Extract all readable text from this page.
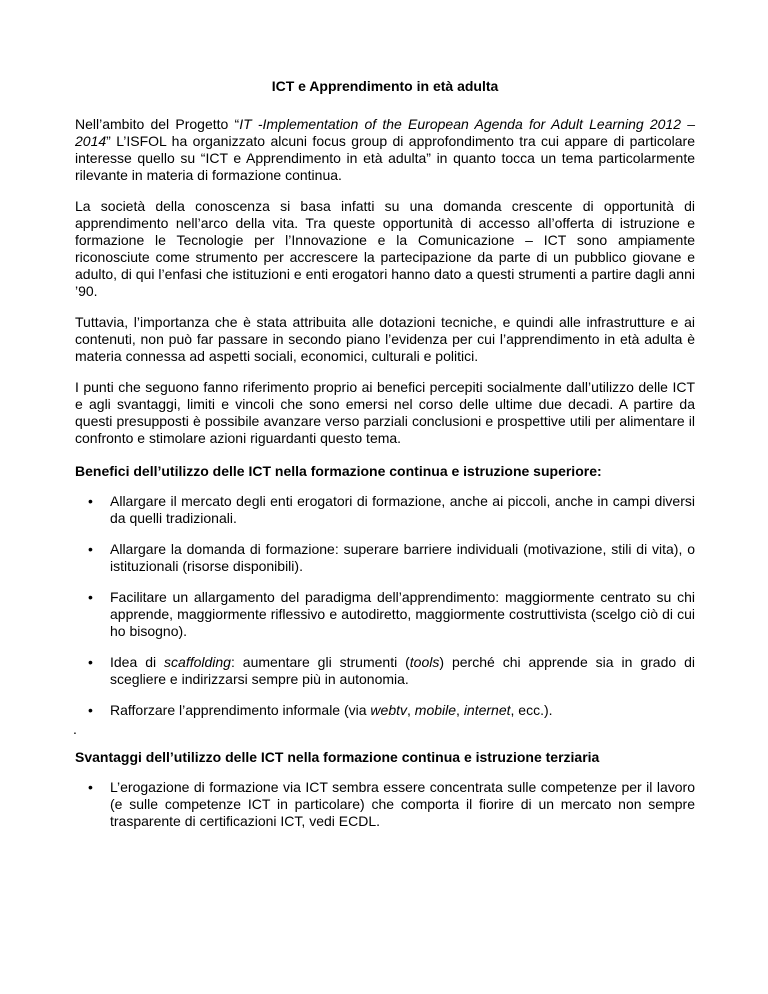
ICT e Apprendimento in età adulta

Nell’ambito del Progetto “IT -Implementation of the European Agenda for Adult Learning 2012 – 2014” L’ISFOL ha organizzato alcuni focus group di approfondimento tra cui appare di particolare interesse quello su “ICT e Apprendimento in età adulta” in quanto tocca un tema particolarmente rilevante in materia di formazione continua.

La società della conoscenza si basa infatti su una domanda crescente di opportunità di apprendimento nell’arco della vita. Tra queste opportunità di accesso all’offerta di istruzione e formazione le Tecnologie per l’Innovazione e la Comunicazione – ICT sono ampiamente riconosciute come strumento per accrescere la partecipazione da parte di un pubblico giovane e adulto, di qui l’enfasi che istituzioni e enti erogatori hanno dato a questi strumenti a partire dagli anni ’90.

Tuttavia, l’importanza che è stata attribuita alle dotazioni tecniche, e quindi alle infrastrutture e ai contenuti, non può far passare in secondo piano l’evidenza per cui l’apprendimento in età adulta è materia connessa ad aspetti sociali, economici, culturali e politici.

I punti che seguono fanno riferimento proprio ai benefici percepiti socialmente dall’utilizzo delle ICT e agli svantaggi, limiti e vincoli che sono emersi nel corso delle ultime due decadi. A partire da questi presupposti è possibile avanzare verso parziali conclusioni e prospettive utili per alimentare il confronto e stimolare azioni riguardanti questo tema.

Benefici dell’utilizzo delle ICT nella formazione continua e istruzione superiore:
• Allargare il mercato degli enti erogatori di formazione, anche ai piccoli, anche in campi diversi da quelli tradizionali.
• Allargare la domanda di formazione: superare barriere individuali (motivazione, stili di vita), o istituzionali (risorse disponibili).
• Facilitare un allargamento del paradigma dell’apprendimento: maggiormente centrato su chi apprende, maggiormente riflessivo e autodiretto, maggiormente costruttivista (scelgo ciò di cui ho bisogno).
• Idea di scaffolding: aumentare gli strumenti (tools) perché chi apprende sia in grado di scegliere e indirizzarsi sempre più in autonomia.
• Rafforzare l’apprendimento informale (via webtv, mobile, internet, ecc.).
.
Svantaggi dell’utilizzo delle ICT nella formazione continua e istruzione terziaria
• L’erogazione di formazione via ICT sembra essere concentrata sulle competenze per il lavoro (e sulle competenze ICT in particolare) che comporta il fiorire di un mercato non sempre trasparente di certificazioni ICT, vedi ECDL.
